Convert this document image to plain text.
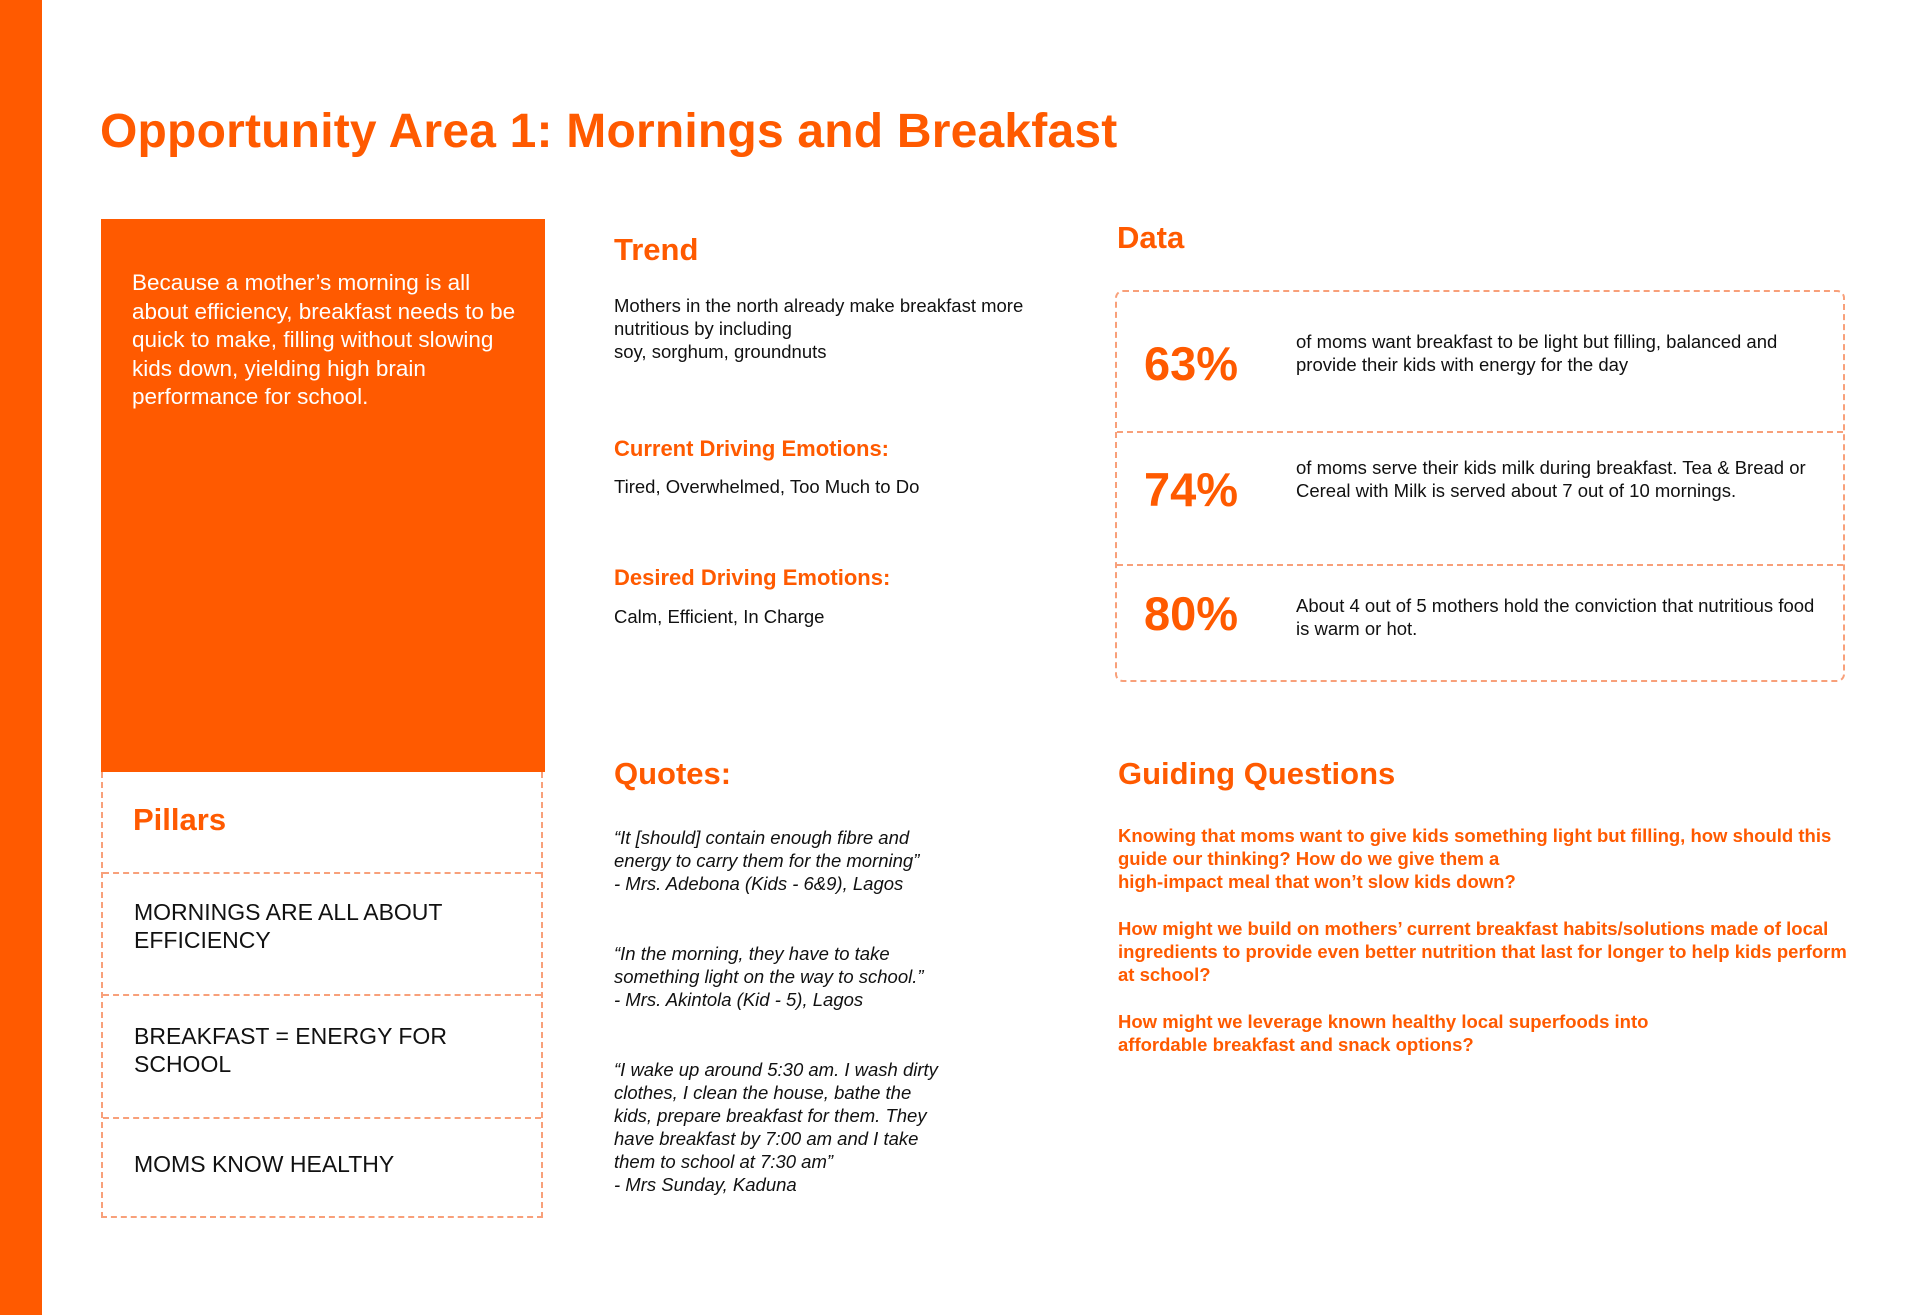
Opportunity Area 1: Mornings and Breakfast
Because a mother’s morning is all about efficiency, breakfast needs to be quick to make, filling without slowing kids down, yielding high brain performance for school.
Pillars
MORNINGS ARE ALL ABOUT EFFICIENCY
BREAKFAST = ENERGY FOR SCHOOL
MOMS KNOW HEALTHY
Trend
Mothers in the north already make breakfast more nutritious by including
soy, sorghum, groundnuts
Current Driving Emotions:
Tired, Overwhelmed, Too Much to Do
Desired Driving Emotions:
Calm, Efficient, In Charge
Quotes:
“It [should] contain enough fibre and energy to carry them for the morning”
- Mrs. Adebona (Kids - 6&9), Lagos
“In the morning, they have to take something light on the way to school.”
- Mrs. Akintola (Kid - 5), Lagos
“I wake up around 5:30 am. I wash dirty clothes, I clean the house, bathe the kids, prepare breakfast for them. They have breakfast by 7:00 am and I take them to school at 7:30 am”
- Mrs Sunday, Kaduna
Data
63%	of moms want breakfast to be light but filling, balanced and provide their kids with energy for the day
74%	of moms serve their kids milk during breakfast. Tea & Bread or Cereal with Milk is served about 7 out of 10 mornings.
80%	About 4 out of 5 mothers hold the conviction that nutritious food is warm or hot.
Guiding Questions
Knowing that moms want to give kids something light but filling, how should this guide our thinking? How do we give them a
high-impact meal that won’t slow kids down?
How might we build on mothers’ current breakfast habits/solutions made of local ingredients to provide even better nutrition that last for longer to help kids perform at school?
How might we leverage known healthy local superfoods into
affordable breakfast and snack options?
